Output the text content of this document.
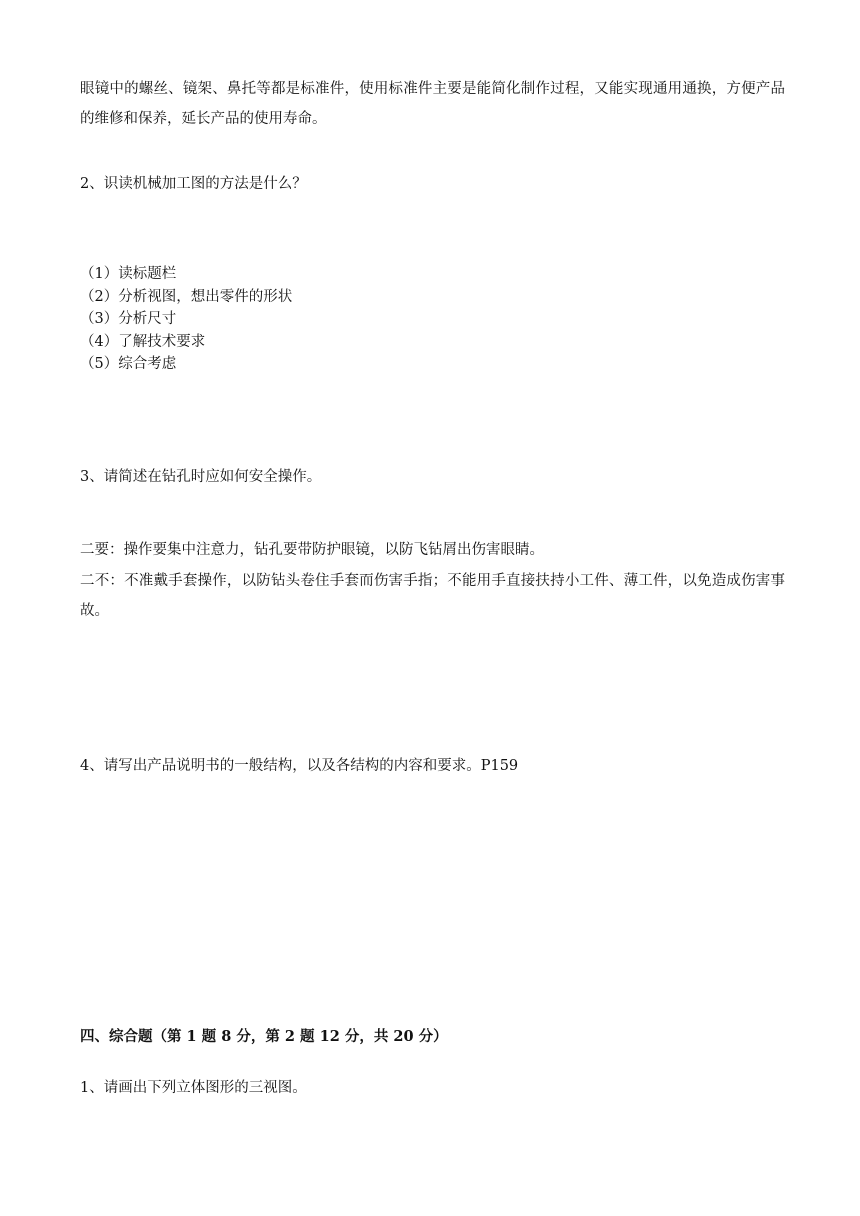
眼镜中的螺丝、镜架、鼻托等都是标准件，使用标准件主要是能简化制作过程，又能实现通用通换，方便产品的维修和保养，延长产品的使用寿命。

2、识读机械加工图的方法是什么？

（1）读标题栏
（2）分析视图，想出零件的形状
（3）分析尺寸
（4）了解技术要求
（5）综合考虑

3、请简述在钻孔时应如何安全操作。

二要：操作要集中注意力，钻孔要带防护眼镜，以防飞钻屑出伤害眼睛。

二不：不准戴手套操作，以防钻头卷住手套而伤害手指；不能用手直接扶持小工件、薄工件，以免造成伤害事故。

4、请写出产品说明书的一般结构，以及各结构的内容和要求。P159

四、综合题（第 1 题 8 分，第 2 题 12 分，共 20 分）

1、请画出下列立体图形的三视图。
